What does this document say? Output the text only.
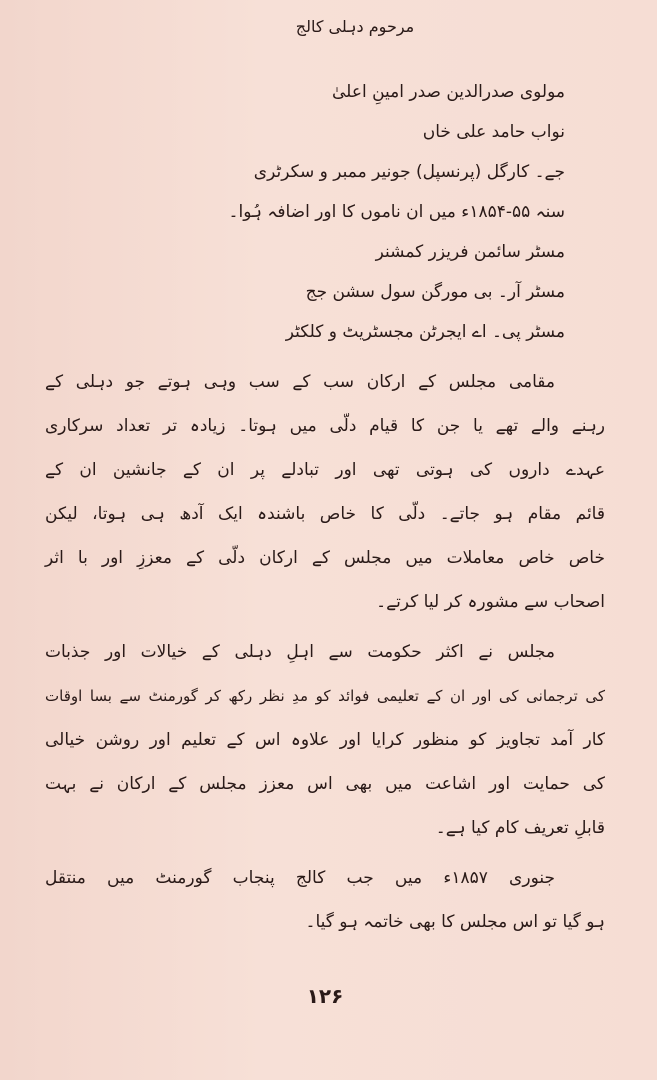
مرحوم دہلی کالج
مولوی صدرالدین صدر امینِ اعلیٰ
نواب حامد علی خاں
جے۔ کارگل (پرنسپل) جونیر ممبر و سکرٹری
سنہ ۵۵-۱۸۵۴ء میں ان ناموں کا اور اضافہ ہُوا۔
مسٹر سائمن فریزر کمشنر
مسٹر آر۔ بی مورگن سول سشن جج
مسٹر پی۔ اے ایجرٹن مجسٹریٹ و کلکٹر
مقامی مجلس کے ارکان سب کے سب وہی ہوتے جو دہلی کے
رہنے والے تھے یا جن کا قیام دلّی میں ہوتا۔ زیادہ تر تعداد سرکاری
عہدے داروں کی ہوتی تھی اور تبادلے پر ان کے جانشین ان کے
قائم مقام ہو جاتے۔ دلّی کا خاص باشندہ ایک آدھ ہی ہوتا، لیکن
خاص خاص معاملات میں مجلس کے ارکان دلّی کے معززِ اور با اثر
اصحاب سے مشورہ کر لیا کرتے۔
مجلس نے اکثر حکومت سے اہلِ دہلی کے خیالات اور جذبات
کی ترجمانی کی اور ان کے تعلیمی فوائد کو مدِ نظر رکھ کر گورمنٹ سے بسا اوقات
کار آمد تجاویز کو منظور کرایا اور علاوہ اس کے تعلیم اور روشن خیالی
کی حمایت اور اشاعت میں بھی اس معزز مجلس کے ارکان نے بہت
قابلِ تعریف کام کیا ہے۔
جنوری ۱۸۵۷ء میں جب کالج پنجاب گورمنٹ میں منتقل
ہو گیا تو اس مجلس کا بھی خاتمہ ہو گیا۔
۱۲۶
